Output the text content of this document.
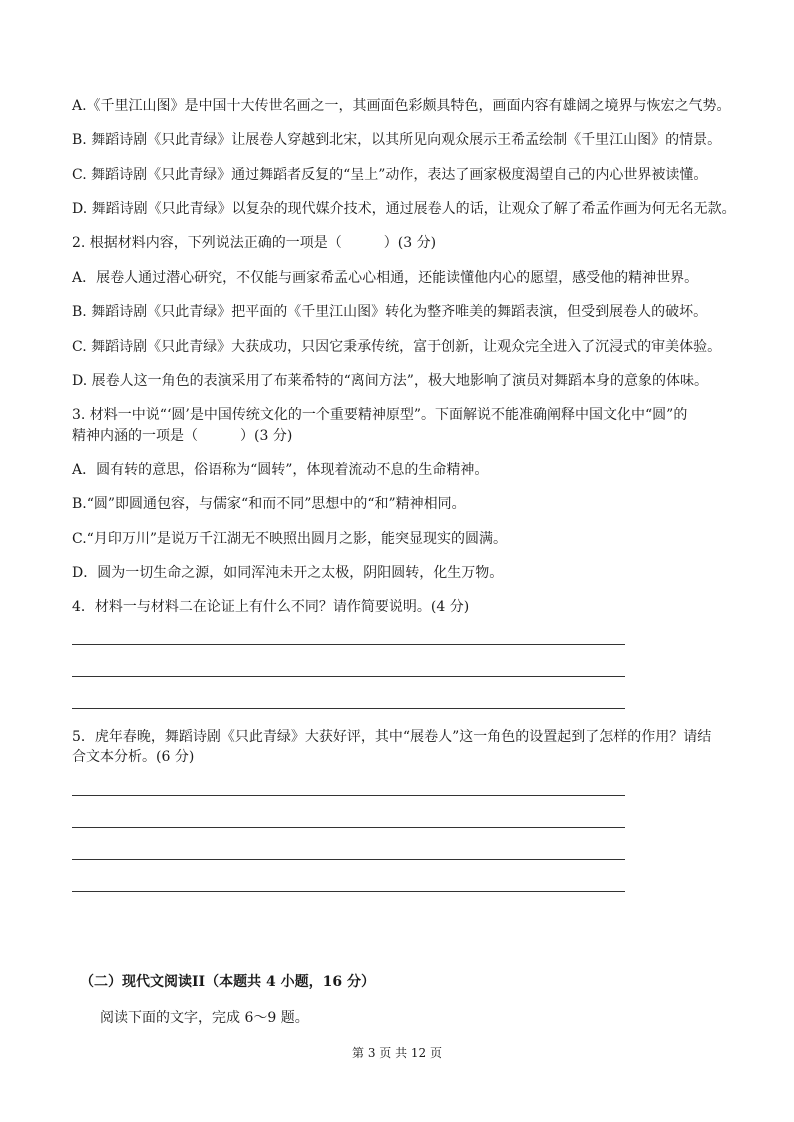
A.《千里江山图》是中国十大传世名画之一，其画面色彩颇具特色，画面内容有雄阔之境界与恢宏之气势。
B. 舞蹈诗剧《只此青绿》让展卷人穿越到北宋，以其所见向观众展示王希孟绘制《千里江山图》的情景。
C. 舞蹈诗剧《只此青绿》通过舞蹈者反复的“呈上”动作，表达了画家极度渴望自己的内心世界被读懂。
D. 舞蹈诗剧《只此青绿》以复杂的现代媒介技术，通过展卷人的话，让观众了解了希孟作画为何无名无款。
2. 根据材料内容，下列说法正确的一项是（　　　）(3 分)
A．展卷人通过潜心研究，不仅能与画家希孟心心相通，还能读懂他内心的愿望，感受他的精神世界。
B. 舞蹈诗剧《只此青绿》把平面的《千里江山图》转化为整齐唯美的舞蹈表演，但受到展卷人的破坏。
C. 舞蹈诗剧《只此青绿》大获成功，只因它秉承传统，富于创新，让观众完全进入了沉浸式的审美体验。
D. 展卷人这一角色的表演采用了布莱希特的“离间方法”，极大地影响了演员对舞蹈本身的意象的体味。
3. 材料一中说“‘圆’是中国传统文化的一个重要精神原型”。下面解说不能准确阐释中国文化中“圆”的
精神内涵的一项是（　　　）(3 分)
A．圆有转的意思，俗语称为“圆转”，体现着流动不息的生命精神。
B.“圆”即圆通包容，与儒家“和而不同”思想中的“和”精神相同。
C.“月印万川”是说万千江湖无不映照出圆月之影，能突显现实的圆满。
D．圆为一切生命之源，如同浑沌未开之太极，阴阳圆转，化生万物。
4．材料一与材料二在论证上有什么不同？请作简要说明。(4 分)
5．虎年春晚，舞蹈诗剧《只此青绿》大获好评，其中“展卷人”这一角色的设置起到了怎样的作用？请结
合文本分析。(6 分)
（二）现代文阅读II（本题共 4 小题，16 分）
阅读下面的文字，完成 6～9 题。
第 3 页 共 12 页
